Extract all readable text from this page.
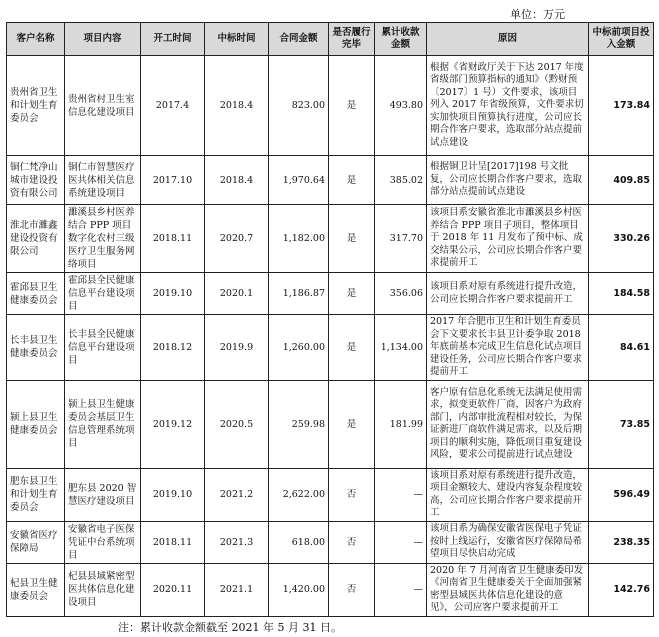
单位：万元
客户名称	项目内容	开工时间	中标时间	合同金额	是否履行完毕	累计收款金额	原因	中标前项目投入金额
贵州省卫生和计划生育委员会	贵州省村卫生室信息化建设项目	2017.4	2018.4	823.00	是	493.80	根据《省财政厅关于下达 2017 年度省级部门预算指标的通知》（黔财预〔2017〕1 号）文件要求，该项目列入 2017 年省级预算，文件要求切实加快项目预算执行进度，公司应长期合作客户要求，选取部分站点提前试点建设	173.84
铜仁梵净山城市建设投资有限公司	铜仁市智慧医疗医共体相关信息系统建设项目	2017.10	2018.4	1,970.64	是	385.02	根据铜卫计呈[2017]198 号文批复，公司应长期合作客户要求，选取部分站点提前试点建设	409.85
淮北市濉鑫建设投资有限公司	濉溪县乡村医养结合 PPP 项目数字化农村三级医疗卫生服务网络项目	2018.11	2020.7	1,182.00	是	317.70	该项目系安徽省淮北市濉溪县乡村医养结合 PPP 项目子项目，整体项目于 2018 年 11 月发布了预中标、成交结果公示，公司应长期合作客户要求提前开工	330.26
霍邱县卫生健康委员会	霍邱县全民健康信息平台建设项目	2019.10	2020.1	1,186.87	是	356.06	该项目系对原有系统进行提升改造，公司应长期合作客户要求提前开工	184.58
长丰县卫生健康委员会	长丰县全民健康信息平台建设项目	2018.12	2019.9	1,260.00	是	1,134.00	2017 年合肥市卫生和计划生育委员会下文要求长丰县卫计委争取 2018 年底前基本完成卫生信息化试点项目建设任务，公司应长期合作客户要求提前开工	84.61
颍上县卫生健康委员会	颍上县卫生健康委员会基层卫生信息管理系统项目	2019.12	2020.5	259.98	是	181.99	客户原有信息化系统无法满足使用需求，拟变更软件厂商，因客户为政府部门，内部审批流程相对较长，为保证新进厂商软件满足需求，以及后期项目的顺利实施，降低项目重复建设风险，要求公司提前进行试点建设	73.85
肥东县卫生和计划生育委员会	肥东县 2020 智慧医疗建设项目	2019.10	2021.2	2,622.00	否	—	该项目系对原有系统进行提升改造，项目金额较大、建设内容复杂程度较高，公司应长期合作客户要求提前开工	596.49
安徽省医疗保障局	安徽省电子医保凭证中台系统项目	2018.11	2021.3	618.00	否	—	该项目系为确保安徽省医保电子凭证按时上线运行，安徽省医疗保障局希望项目尽快启动完成	238.35
杞县卫生健康委员会	杞县县域紧密型医共体信息化建设项目	2020.11	2021.1	1,420.00	否	—	2020 年 7 月河南省卫生健康委印发《河南省卫生健康委关于全面加强紧密型县域医共体信息化建设的意见》，公司应客户要求提前开工	142.76
注：累计收款金额截至 2021 年 5 月 31 日。
